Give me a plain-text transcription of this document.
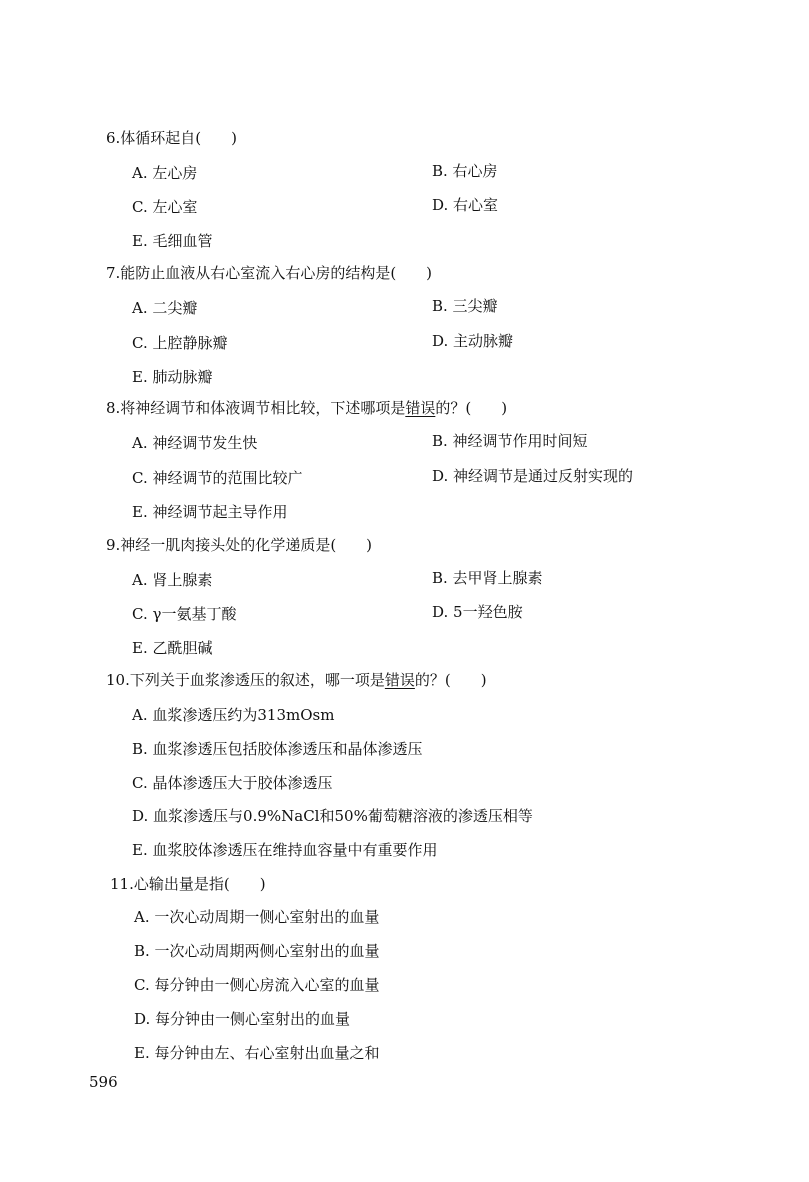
6.体循环起自(　　)
A. 左心房	B. 右心房
C. 左心室	D. 右心室
E. 毛细血管
7.能防止血液从右心室流入右心房的结构是(　　)
A. 二尖瓣	B. 三尖瓣
C. 上腔静脉瓣	D. 主动脉瓣
E. 肺动脉瓣
8.将神经调节和体液调节相比较，下述哪项是错误的？(　　)
A. 神经调节发生快	B. 神经调节作用时间短
C. 神经调节的范围比较广	D. 神经调节是通过反射实现的
E. 神经调节起主导作用
9.神经一肌肉接头处的化学递质是(　　)
A. 肾上腺素	B. 去甲肾上腺素
C. γ一氨基丁酸	D. 5一羟色胺
E. 乙酰胆碱
10.下列关于血浆渗透压的叙述，哪一项是错误的？(　　)
A. 血浆渗透压约为313mOsm
B. 血浆渗透压包括胶体渗透压和晶体渗透压
C. 晶体渗透压大于胶体渗透压
D. 血浆渗透压与0.9%NaCl和50%葡萄糖溶液的渗透压相等
E. 血浆胶体渗透压在维持血容量中有重要作用
11.心输出量是指(　　)
A. 一次心动周期一侧心室射出的血量
B. 一次心动周期两侧心室射出的血量
C. 每分钟由一侧心房流入心室的血量
D. 每分钟由一侧心室射出的血量
E. 每分钟由左、右心室射出血量之和
596
